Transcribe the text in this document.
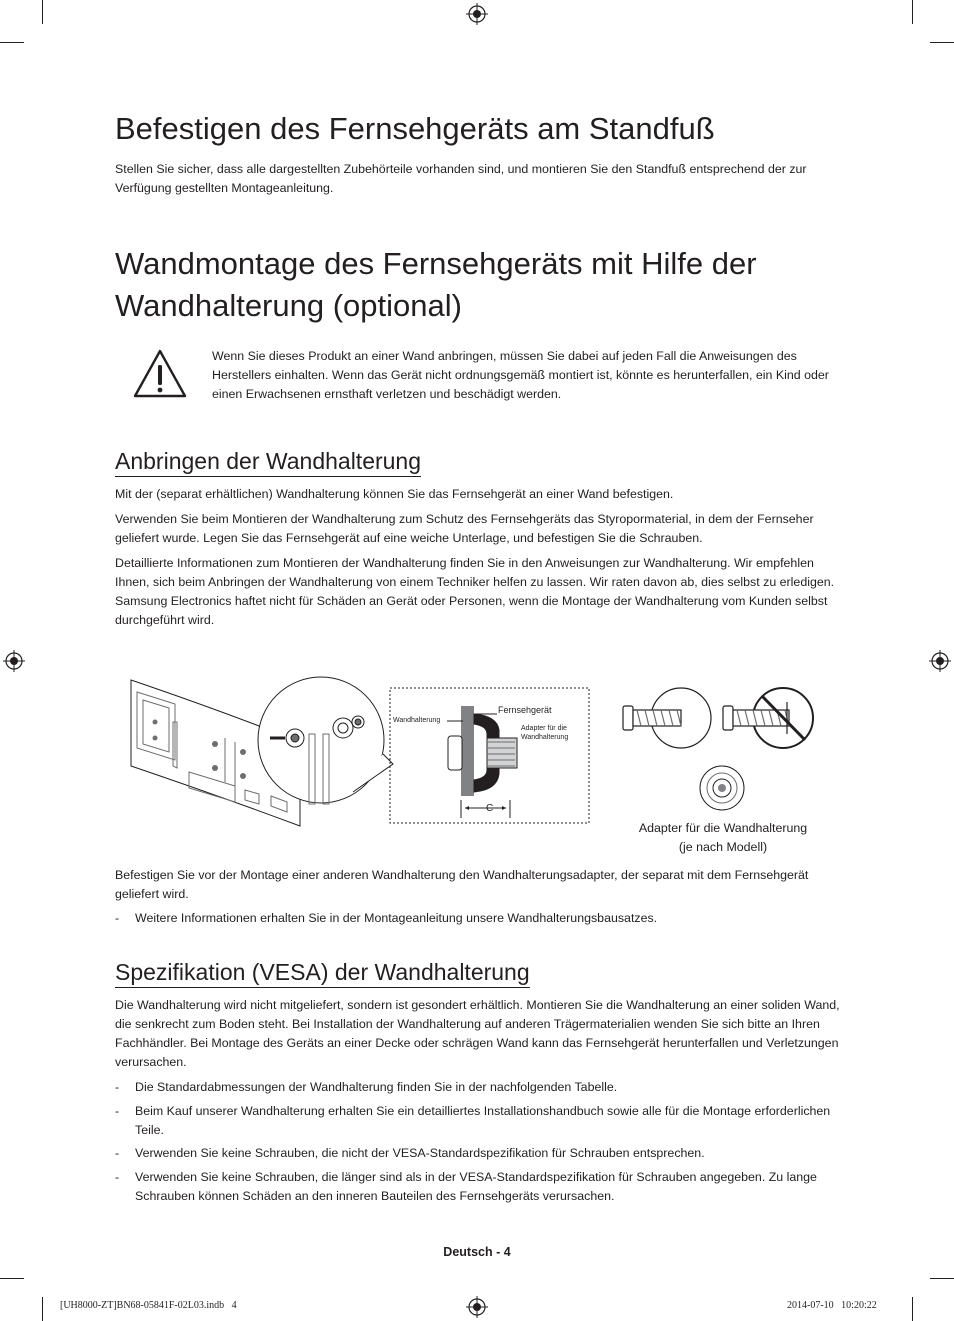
Befestigen des Fernsehgeräts am Standfuß

Stellen Sie sicher, dass alle dargestellten Zubehörteile vorhanden sind, und montieren Sie den Standfuß entsprechend der zur Verfügung gestellten Montageanleitung.

Wandmontage des Fernsehgeräts mit Hilfe der
Wandhalterung (optional)

Wenn Sie dieses Produkt an einer Wand anbringen, müssen Sie dabei auf jeden Fall die Anweisungen des Herstellers einhalten. Wenn das Gerät nicht ordnungsgemäß montiert ist, könnte es herunterfallen, ein Kind oder einen Erwachsenen ernsthaft verletzen und beschädigt werden.

Anbringen der Wandhalterung

Mit der (separat erhältlichen) Wandhalterung können Sie das Fernsehgerät an einer Wand befestigen.

Verwenden Sie beim Montieren der Wandhalterung zum Schutz des Fernsehgeräts das Styropormaterial, in dem der Fernseher geliefert wurde. Legen Sie das Fernsehgerät auf eine weiche Unterlage, und befestigen Sie die Schrauben.

Detaillierte Informationen zum Montieren der Wandhalterung finden Sie in den Anweisungen zur Wandhalterung. Wir empfehlen Ihnen, sich beim Anbringen der Wandhalterung von einem Techniker helfen zu lassen. Wir raten davon ab, dies selbst zu erledigen. Samsung Electronics haftet nicht für Schäden an Gerät oder Personen, wenn die Montage der Wandhalterung vom Kunden selbst durchgeführt wird.

Wandhalterung
Fernsehgerät
Adapter für die
Wandhalterung
C
Adapter für die Wandhalterung
(je nach Modell)

Befestigen Sie vor der Montage einer anderen Wandhalterung den Wandhalterungsadapter, der separat mit dem Fernsehgerät geliefert wird.

-	Weitere Informationen erhalten Sie in der Montageanleitung unsere Wandhalterungsbausatzes.
Spezifikation (VESA) der Wandhalterung

Die Wandhalterung wird nicht mitgeliefert, sondern ist gesondert erhältlich. Montieren Sie die Wandhalterung an einer soliden Wand, die senkrecht zum Boden steht. Bei Installation der Wandhalterung auf anderen Trägermaterialien wenden Sie sich bitte an Ihren Fachhändler. Bei Montage des Geräts an einer Decke oder schrägen Wand kann das Fernsehgerät herunterfallen und Verletzungen verursachen.

-	Die Standardabmessungen der Wandhalterung finden Sie in der nachfolgenden Tabelle.
-	Beim Kauf unserer Wandhalterung erhalten Sie ein detailliertes Installationshandbuch sowie alle für die Montage erforderlichen Teile.
-	Verwenden Sie keine Schrauben, die nicht der VESA-Standardspezifikation für Schrauben entsprechen.
-	Verwenden Sie keine Schrauben, die länger sind als in der VESA-Standardspezifikation für Schrauben angegeben. Zu lange Schrauben können Schäden an den inneren Bauteilen des Fernsehgeräts verursachen.
Deutsch - 4
[UH8000-ZT]BN68-05841F-02L03.indb   4	2014-07-10   10:20:22
